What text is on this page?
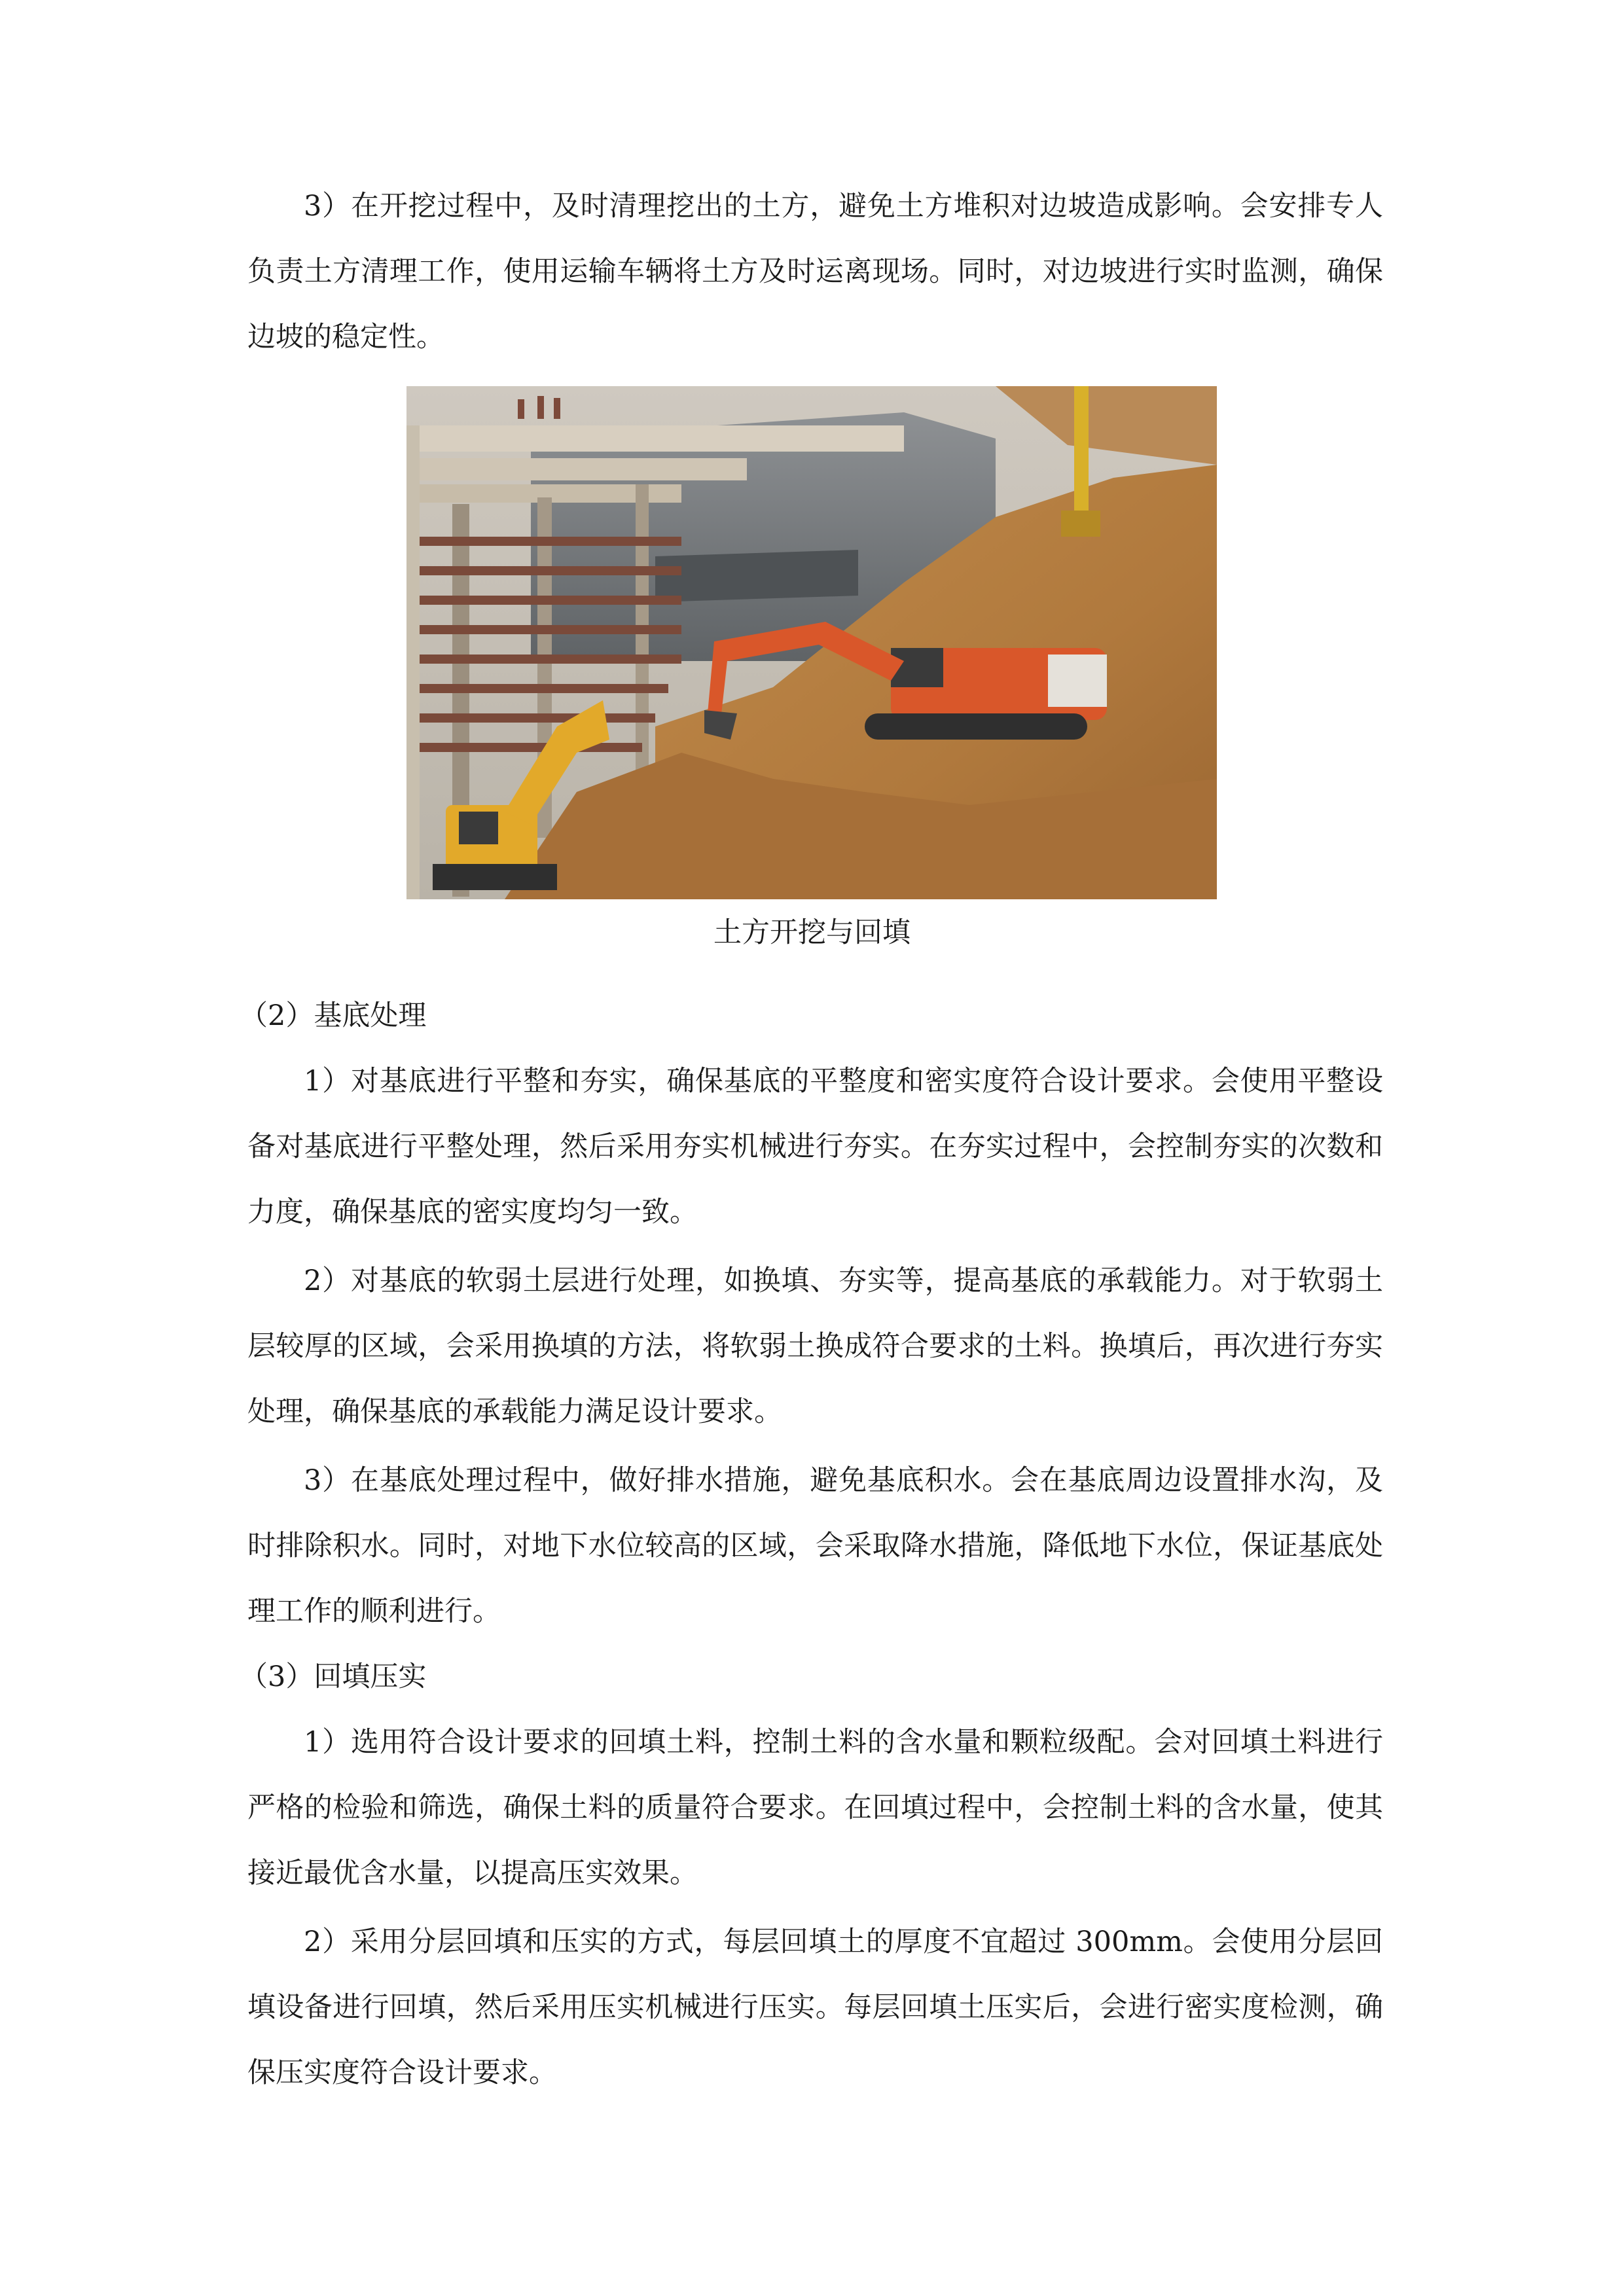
3）在开挖过程中，及时清理挖出的土方，避免土方堆积对边坡造成影响。会安排专人负责土方清理工作，使用运输车辆将土方及时运离现场。同时，对边坡进行实时监测，确保边坡的稳定性。

土方开挖与回填
（2）基底处理

1）对基底进行平整和夯实，确保基底的平整度和密实度符合设计要求。会使用平整设备对基底进行平整处理，然后采用夯实机械进行夯实。在夯实过程中，会控制夯实的次数和力度，确保基底的密实度均匀一致。

2）对基底的软弱土层进行处理，如换填、夯实等，提高基底的承载能力。对于软弱土层较厚的区域，会采用换填的方法，将软弱土换成符合要求的土料。换填后，再次进行夯实处理，确保基底的承载能力满足设计要求。

3）在基底处理过程中，做好排水措施，避免基底积水。会在基底周边设置排水沟，及时排除积水。同时，对地下水位较高的区域，会采取降水措施，降低地下水位，保证基底处理工作的顺利进行。

（3）回填压实

1）选用符合设计要求的回填土料，控制土料的含水量和颗粒级配。会对回填土料进行严格的检验和筛选，确保土料的质量符合要求。在回填过程中，会控制土料的含水量，使其接近最优含水量，以提高压实效果。

2）采用分层回填和压实的方式，每层回填土的厚度不宜超过 300mm。会使用分层回填设备进行回填，然后采用压实机械进行压实。每层回填土压实后，会进行密实度检测，确保压实度符合设计要求。
